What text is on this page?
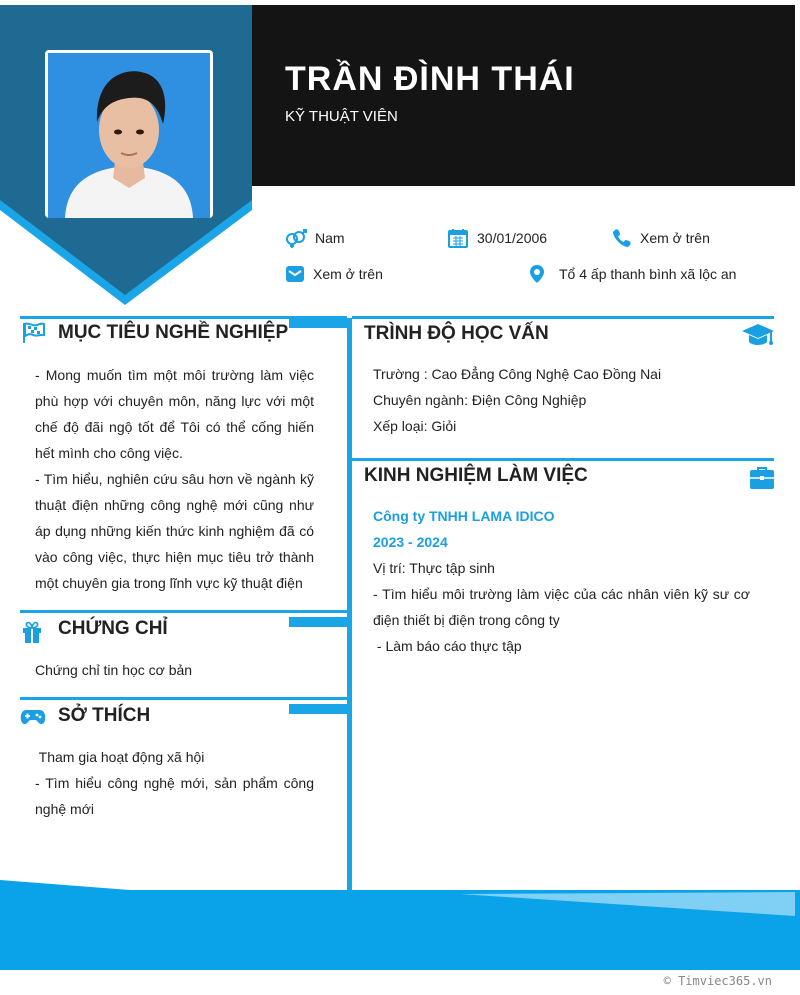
TRẦN ĐÌNH THÁI
KỸ THUẬT VIÊN
Nam	30/01/2006	Xem ở trên
Xem ở trên	Tổ 4 ấp thanh bình xã lộc an
MỤC TIÊU NGHỀ NGHIỆP
- Mong muốn tìm một môi trường làm việc phù hợp với chuyên môn, năng lực với một chế độ đãi ngộ tốt để Tôi có thể cống hiến hết mình cho công việc.
- Tìm hiểu, nghiên cứu sâu hơn về ngành kỹ thuật điện những công nghệ mới cũng như áp dụng những kiến thức kinh nghiệm đã có vào công việc, thực hiện mục tiêu trở thành một chuyên gia trong lĩnh vực kỹ thuật điện
CHỨNG CHỈ
Chứng chỉ tin học cơ bản
SỞ THÍCH
Tham gia hoạt động xã hội
- Tìm hiểu công nghệ mới, sản phẩm công nghệ mới
TRÌNH ĐỘ HỌC VẤN
Trường : Cao Đẳng Công Nghệ Cao Đồng Nai
Chuyên ngành: Điện Công Nghiệp
Xếp loại: Giỏi
KINH NGHIỆM LÀM VIỆC
Công ty TNHH LAMA IDICO
2023 - 2024
Vị trí: Thực tập sinh
- Tìm hiểu môi trường làm việc của các nhân viên kỹ sư cơ điện thiết bị điện trong công ty
- Làm báo cáo thực tập
© Timviec365.vn
